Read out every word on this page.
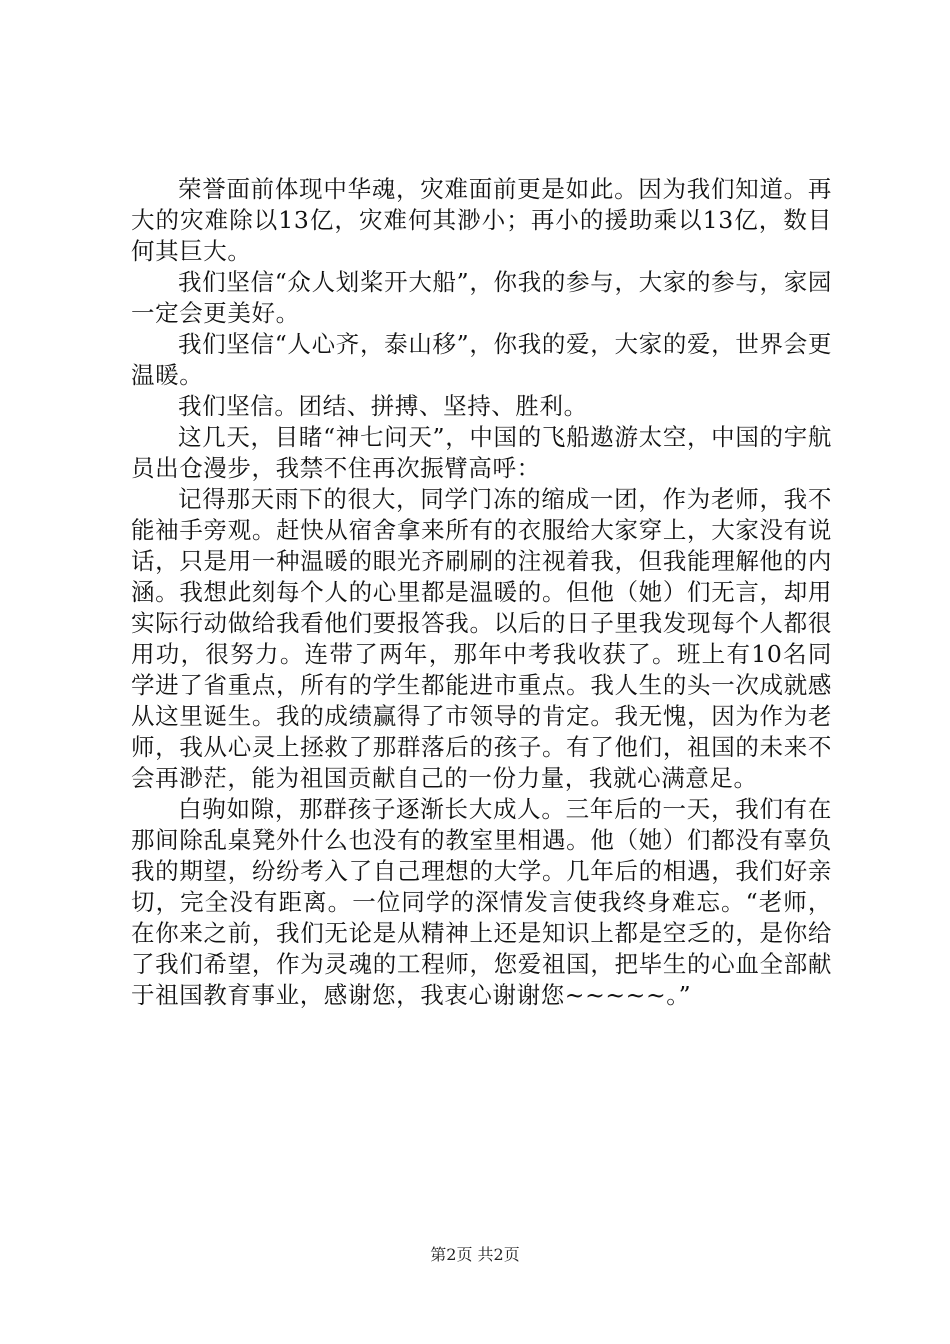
荣誉面前体现中华魂，灾难面前更是如此。因为我们知道。再大的灾难除以13亿，灾难何其渺小；再小的援助乘以13亿，数目何其巨大。

我们坚信“众人划桨开大船”，你我的参与，大家的参与，家园一定会更美好。

我们坚信“人心齐，泰山移”，你我的爱，大家的爱，世界会更温暖。

我们坚信。团结、拼搏、坚持、胜利。

这几天，目睹“神七问天”，中国的飞船遨游太空，中国的宇航员出仓漫步，我禁不住再次振臂高呼：

记得那天雨下的很大，同学门冻的缩成一团，作为老师，我不能袖手旁观。赶快从宿舍拿来所有的衣服给大家穿上，大家没有说话，只是用一种温暖的眼光齐刷刷的注视着我，但我能理解他的内涵。我想此刻每个人的心里都是温暖的。但他（她）们无言，却用实际行动做给我看他们要报答我。以后的日子里我发现每个人都很用功，很努力。连带了两年，那年中考我收获了。班上有10名同学进了省重点，所有的学生都能进市重点。我人生的头一次成就感从这里诞生。我的成绩赢得了市领导的肯定。我无愧，因为作为老师，我从心灵上拯救了那群落后的孩子。有了他们，祖国的未来不会再渺茫，能为祖国贡献自己的一份力量，我就心满意足。

白驹如隙，那群孩子逐渐长大成人。三年后的一天，我们有在那间除乱桌凳外什么也没有的教室里相遇。他（她）们都没有辜负我的期望，纷纷考入了自己理想的大学。几年后的相遇，我们好亲切，完全没有距离。一位同学的深情发言使我终身难忘。“老师，在你来之前，我们无论是从精神上还是知识上都是空乏的，是你给了我们希望，作为灵魂的工程师，您爱祖国，把毕生的心血全部献于祖国教育事业，感谢您，我衷心谢谢您~~~~~。”

第2页 共2页
